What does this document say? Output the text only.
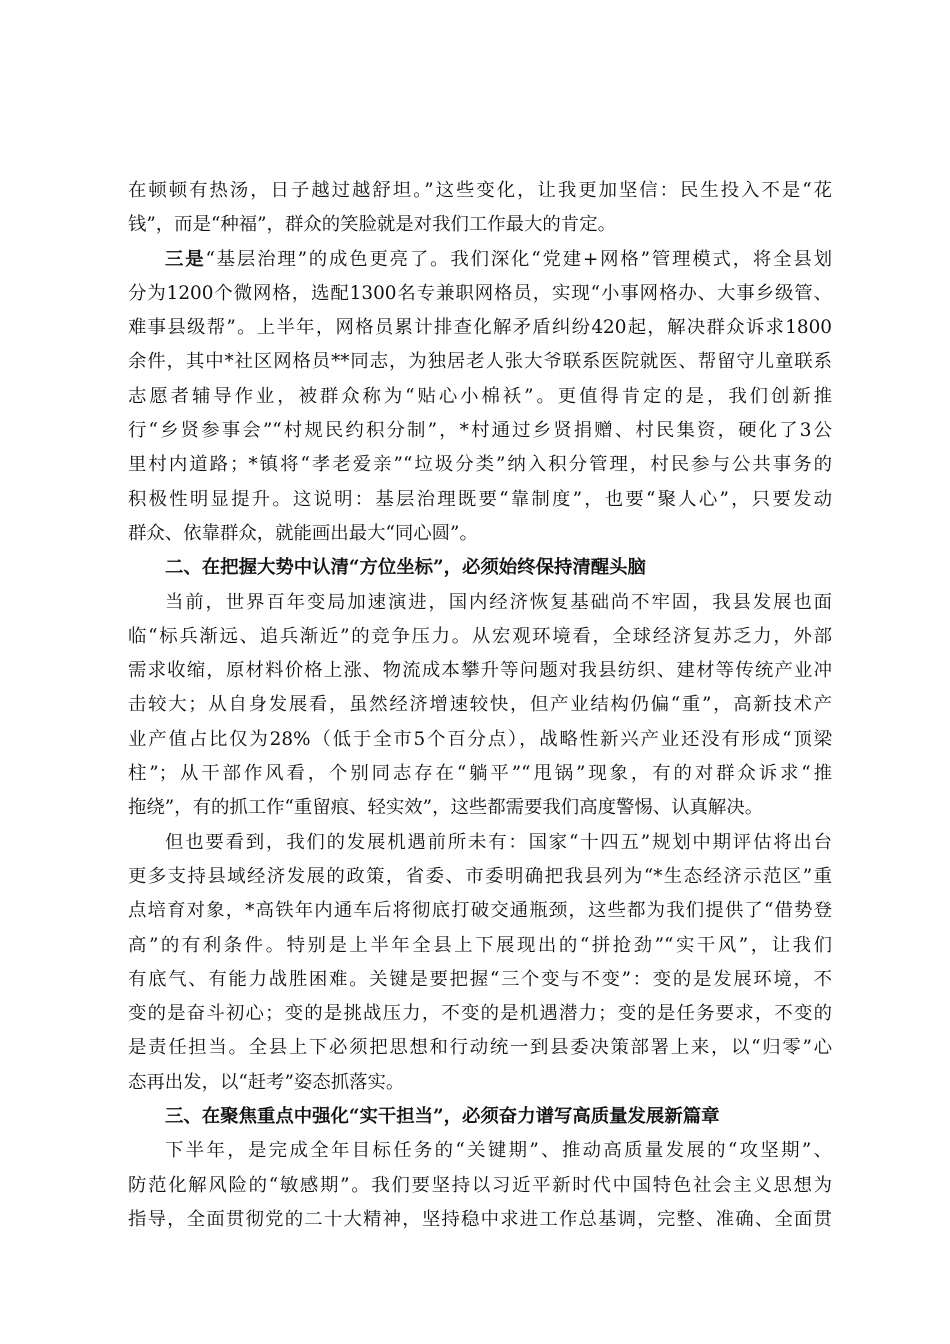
在顿顿有热汤，日子越过越舒坦。”这些变化，让我更加坚信：民生投入不是“花
钱”，而是“种福”，群众的笑脸就是对我们工作最大的肯定。
三是“基层治理”的成色更亮了。我们深化“党建+网格”管理模式，将全县划
分为1200个微网格，选配1300名专兼职网格员，实现“小事网格办、大事乡级管、
难事县级帮”。上半年，网格员累计排查化解矛盾纠纷420起，解决群众诉求1800
余件，其中*社区网格员**同志，为独居老人张大爷联系医院就医、帮留守儿童联系
志愿者辅导作业，被群众称为“贴心小棉袄”。更值得肯定的是，我们创新推
行“乡贤参事会”“村规民约积分制”，*村通过乡贤捐赠、村民集资，硬化了3公
里村内道路；*镇将“孝老爱亲”“垃圾分类”纳入积分管理，村民参与公共事务的
积极性明显提升。这说明：基层治理既要“靠制度”，也要“聚人心”，只要发动
群众、依靠群众，就能画出最大“同心圆”。
二、在把握大势中认清“方位坐标”，必须始终保持清醒头脑
当前，世界百年变局加速演进，国内经济恢复基础尚不牢固，我县发展也面
临“标兵渐远、追兵渐近”的竞争压力。从宏观环境看，全球经济复苏乏力，外部
需求收缩，原材料价格上涨、物流成本攀升等问题对我县纺织、建材等传统产业冲
击较大；从自身发展看，虽然经济增速较快，但产业结构仍偏“重”，高新技术产
业产值占比仅为28%（低于全市5个百分点），战略性新兴产业还没有形成“顶梁
柱”；从干部作风看，个别同志存在“躺平”“甩锅”现象，有的对群众诉求“推
拖绕”，有的抓工作“重留痕、轻实效”，这些都需要我们高度警惕、认真解决。
但也要看到，我们的发展机遇前所未有：国家“十四五”规划中期评估将出台
更多支持县域经济发展的政策，省委、市委明确把我县列为“*生态经济示范区”重
点培育对象，*高铁年内通车后将彻底打破交通瓶颈，这些都为我们提供了“借势登
高”的有利条件。特别是上半年全县上下展现出的“拼抢劲”“实干风”，让我们
有底气、有能力战胜困难。关键是要把握“三个变与不变”：变的是发展环境，不
变的是奋斗初心；变的是挑战压力，不变的是机遇潜力；变的是任务要求，不变的
是责任担当。全县上下必须把思想和行动统一到县委决策部署上来，以“归零”心
态再出发，以“赶考”姿态抓落实。
三、在聚焦重点中强化“实干担当”，必须奋力谱写高质量发展新篇章
下半年，是完成全年目标任务的“关键期”、推动高质量发展的“攻坚期”、
防范化解风险的“敏感期”。我们要坚持以习近平新时代中国特色社会主义思想为
指导，全面贯彻党的二十大精神，坚持稳中求进工作总基调，完整、准确、全面贯
